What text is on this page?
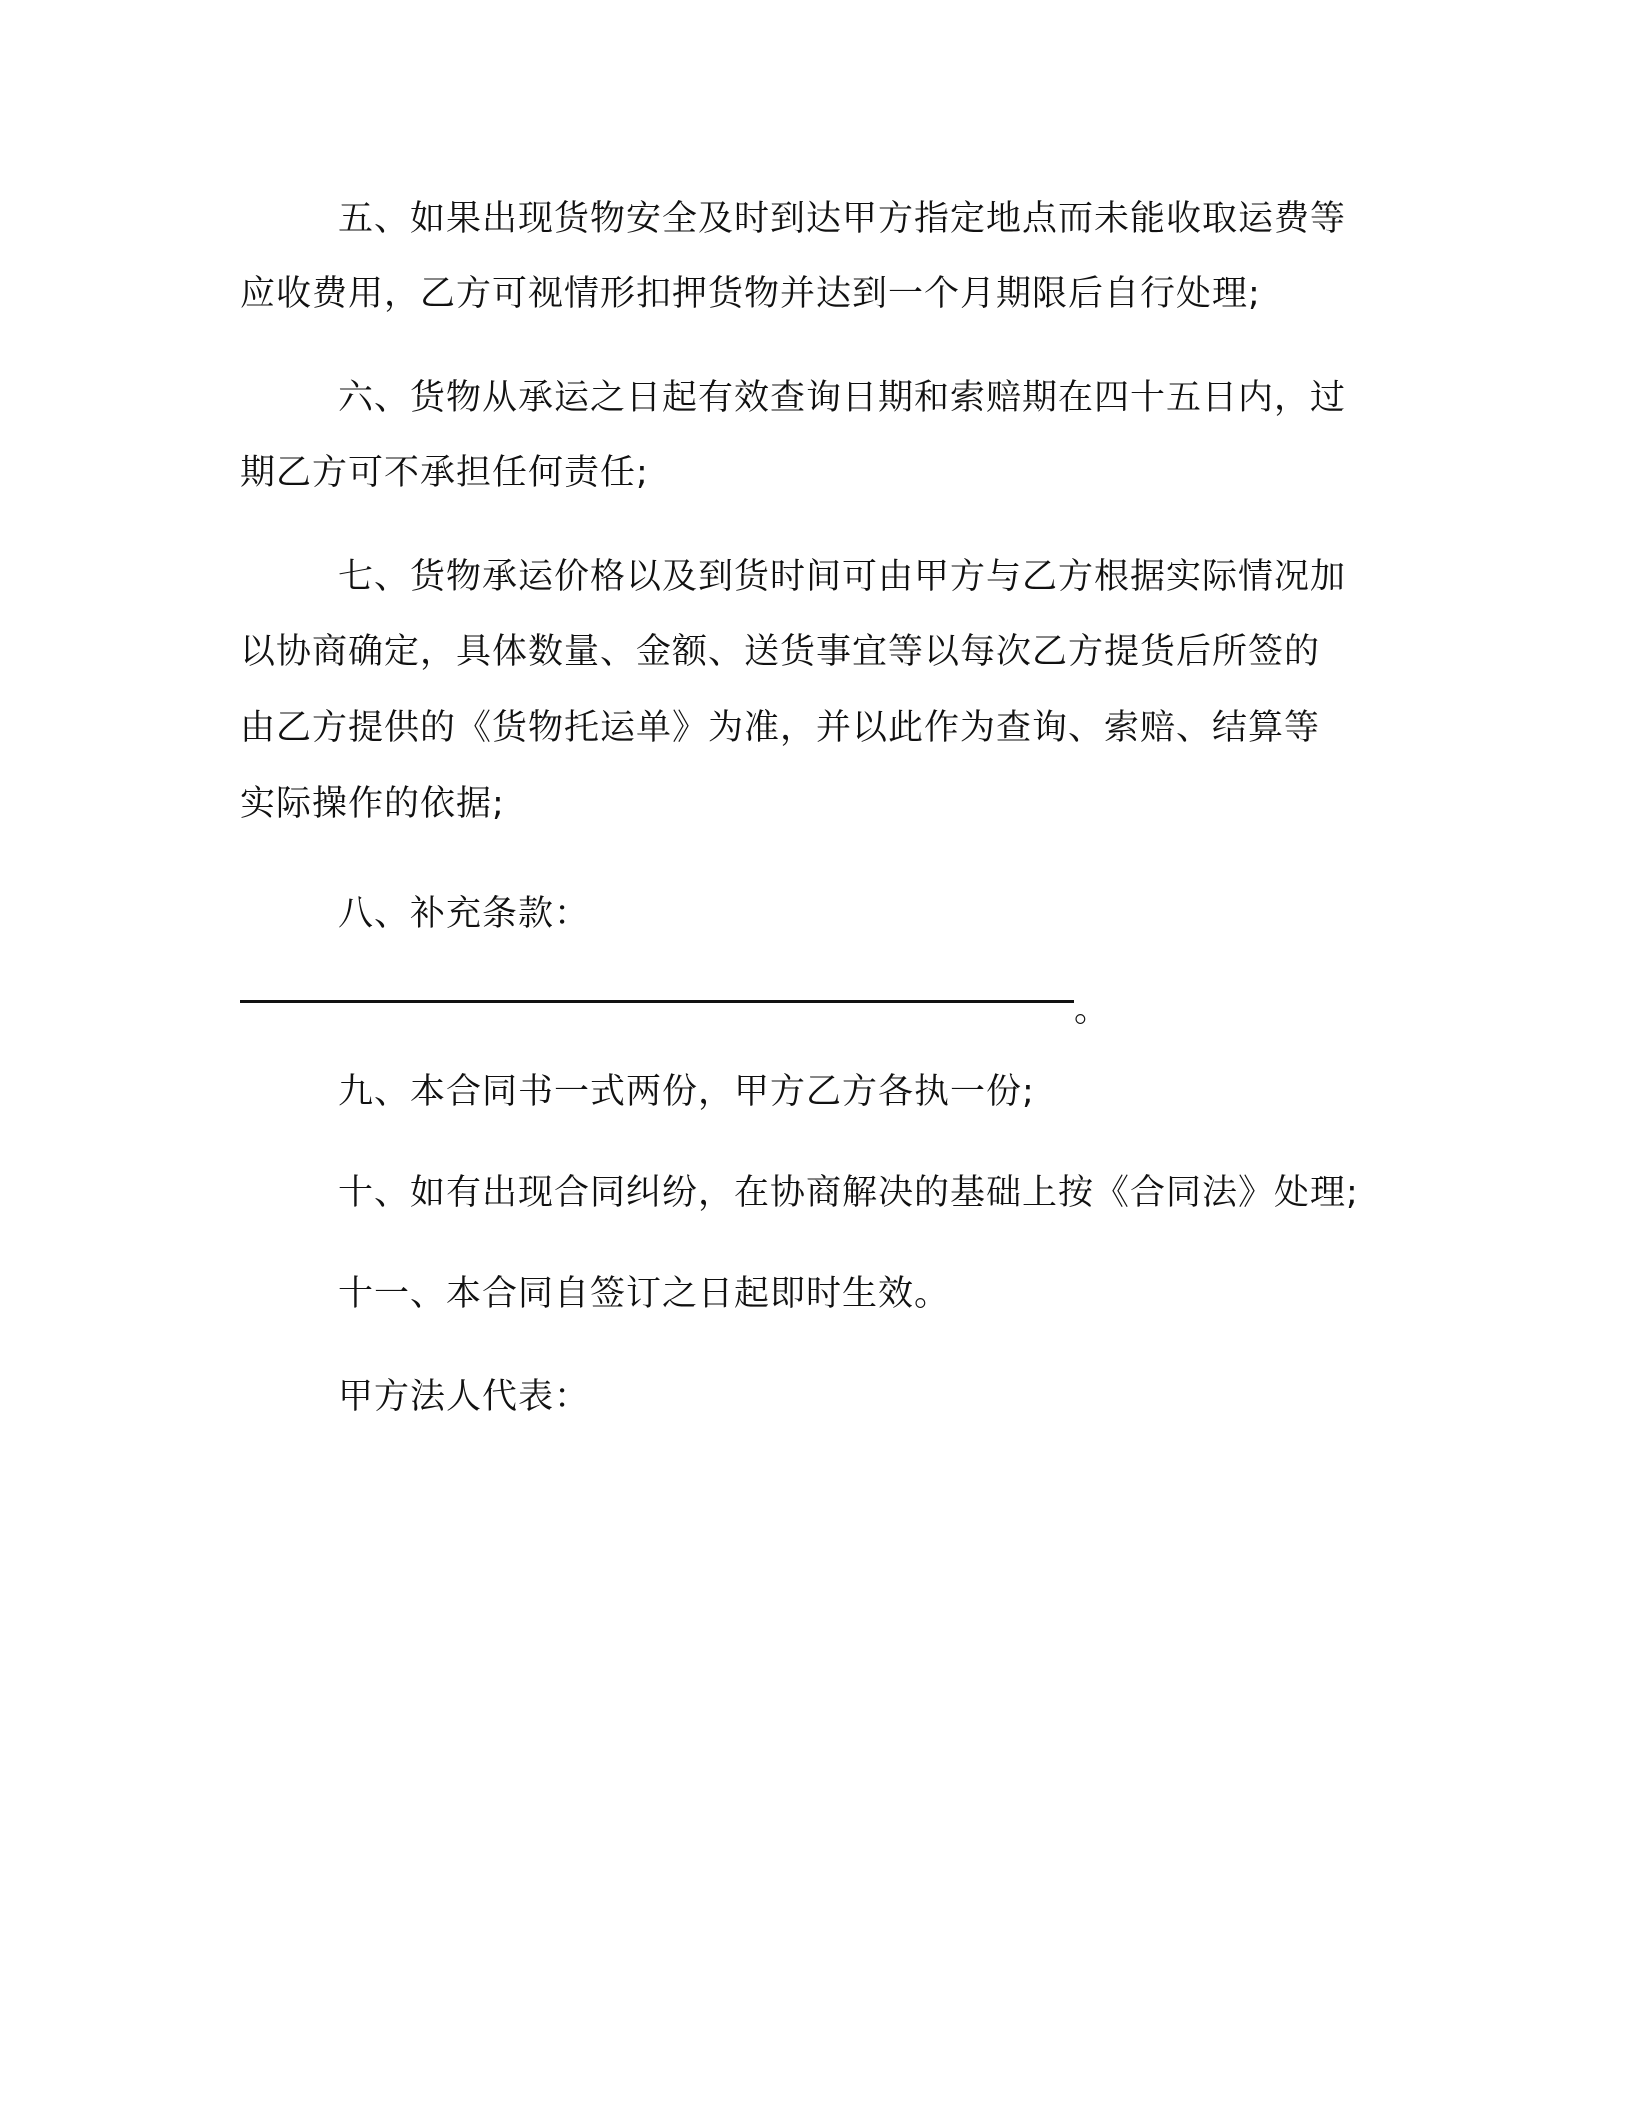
五、如果出现货物安全及时到达甲方指定地点而未能收取运费等
应收费用，乙方可视情形扣押货物并达到一个月期限后自行处理;
六、货物从承运之日起有效查询日期和索赔期在四十五日内，过
期乙方可不承担任何责任;
七、货物承运价格以及到货时间可由甲方与乙方根据实际情况加
以协商确定，具体数量、金额、送货事宜等以每次乙方提货后所签的
由乙方提供的《货物托运单》为准，并以此作为查询、索赔、结算等
实际操作的依据;
八、补充条款：
。
九、本合同书一式两份，甲方乙方各执一份;
十、如有出现合同纠纷，在协商解决的基础上按《合同法》处理;
十一、本合同自签订之日起即时生效。
甲方法人代表：
